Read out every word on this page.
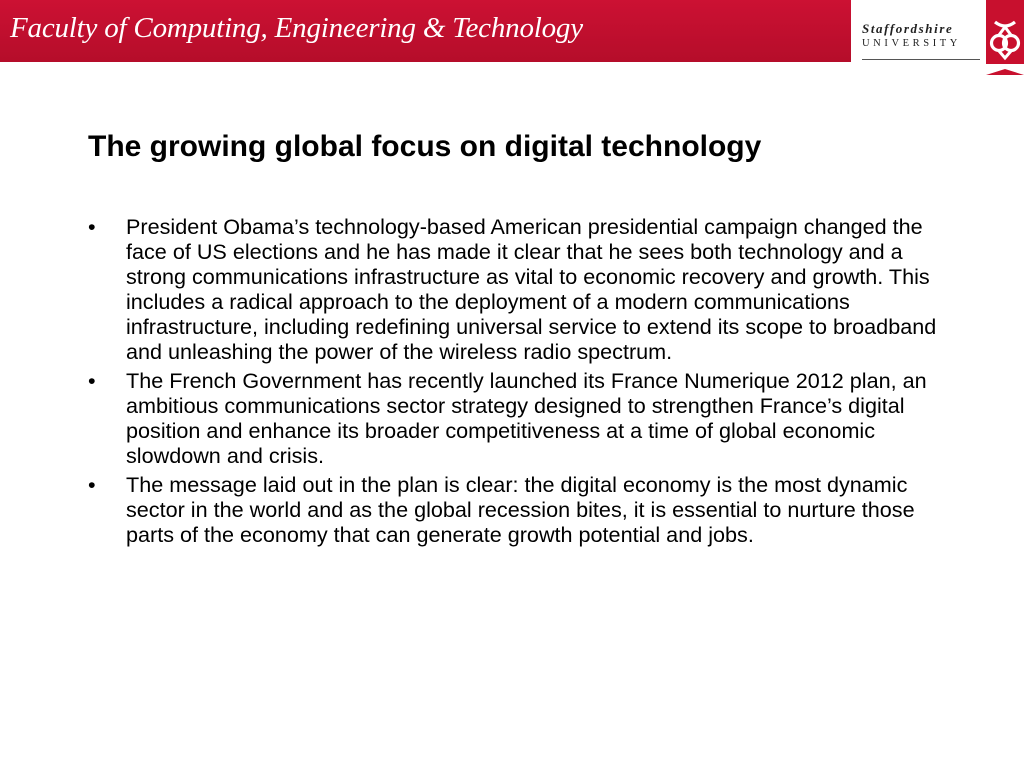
Faculty of Computing, Engineering & Technology	Staffordshire
UNIVERSITY
The growing global focus on digital technology
•	President Obama’s technology-based American presidential campaign changed the face of US elections and he has made it clear that he sees both technology and a strong communications infrastructure as vital to economic recovery and growth. This includes a radical approach to the deployment of a modern communications infrastructure, including redefining universal service to extend its scope to broadband and unleashing the power of the wireless radio spectrum.
•	The French Government has recently launched its France Numerique 2012 plan, an ambitious communications sector strategy designed to strengthen France’s digital position and enhance its broader competitiveness at a time of global economic slowdown and crisis.
•	The message laid out in the plan is clear: the digital economy is the most dynamic sector in the world and as the global recession bites, it is essential to nurture those parts of the economy that can generate growth potential and jobs.
